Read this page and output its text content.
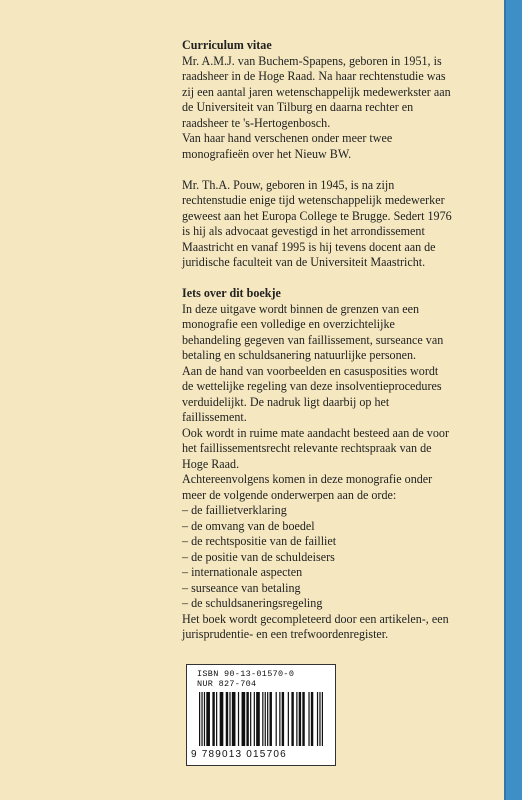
Curriculum vitae

Mr. A.M.J. van Buchem-Spapens, geboren in 1951, is raadsheer in de Hoge Raad. Na haar rechtenstudie was zij een aantal jaren wetenschappelijk medewerkster aan de Universiteit van Tilburg en daarna rechter en raadsheer te 's-Hertogenbosch.

Van haar hand verschenen onder meer twee monografieën over het Nieuw BW.

Mr. Th.A. Pouw, geboren in 1945, is na zijn rechtenstudie enige tijd wetenschappelijk medewerker geweest aan het Europa College te Brugge. Sedert 1976 is hij als advocaat gevestigd in het arrondissement Maastricht en vanaf 1995 is hij tevens docent aan de juridische faculteit van de Universiteit Maastricht.

Iets over dit boekje

In deze uitgave wordt binnen de grenzen van een monografie een volledige en overzichtelijke behandeling gegeven van faillissement, surseance van betaling en schuldsanering natuurlijke personen.

Aan de hand van voorbeelden en casusposities wordt de wettelijke regeling van deze insolventieprocedures verduidelijkt. De nadruk ligt daarbij op het faillissement.

Ook wordt in ruime mate aandacht besteed aan de voor het faillissementsrecht relevante rechtspraak van de Hoge Raad.

Achtereenvolgens komen in deze monografie onder meer de volgende onderwerpen aan de orde:

– de faillietverklaring
– de omvang van de boedel
– de rechtspositie van de failliet
– de positie van de schuldeisers
– internationale aspecten
– surseance van betaling
– de schuldsaneringsregeling

Het boek wordt gecompleteerd door een artikelen-, een jurisprudentie- en een trefwoordenregister.

ISBN 90-13-01570-0
NUR 827-704
9 789013 015706
